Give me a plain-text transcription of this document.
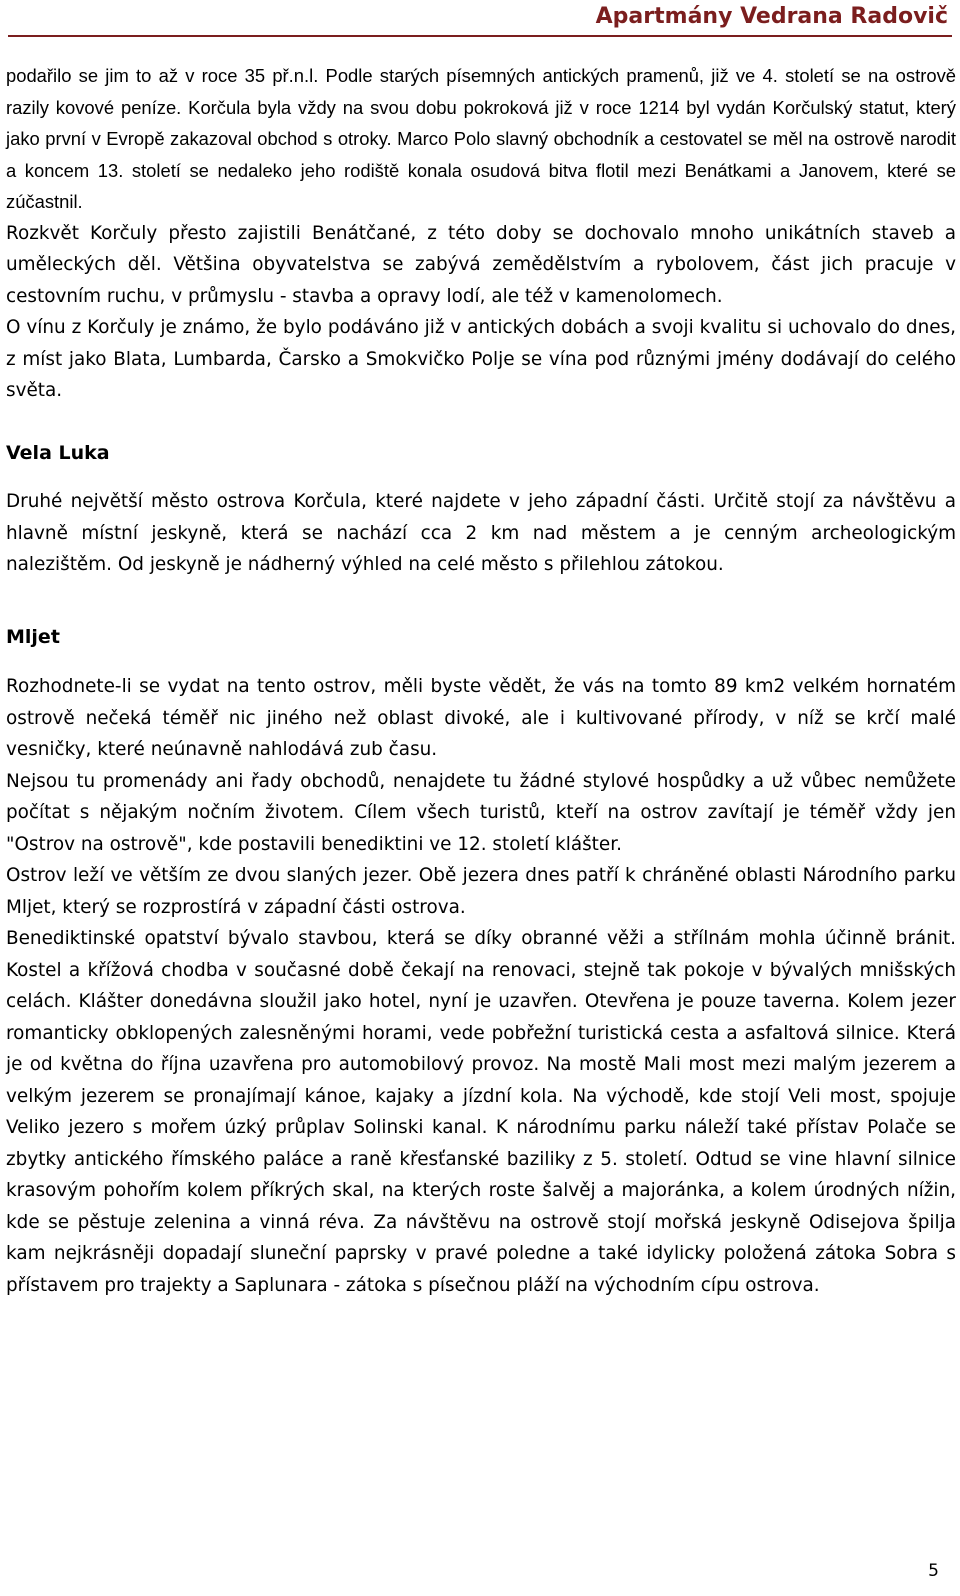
Apartmány Vedrana Radovič

podařilo se jim to až v roce 35 př.n.l. Podle starých písemných antických pramenů, již ve 4. století se na ostrově razily kovové peníze. Korčula byla vždy na svou dobu pokroková již v roce 1214 byl vydán Korčulský statut, který jako první v Evropě zakazoval obchod s otroky. Marco Polo slavný obchodník a cestovatel se měl na ostrově narodit a koncem 13. století se nedaleko jeho rodiště konala osudová bitva flotil mezi Benátkami a Janovem, které se zúčastnil.

Rozkvět Korčuly přesto zajistili Benátčané, z této doby se dochovalo mnoho unikátních staveb a uměleckých děl. Většina obyvatelstva se zabývá zemědělstvím a rybolovem, část jich pracuje v cestovním ruchu, v průmyslu - stavba a opravy lodí, ale též v kamenolomech.

O vínu z Korčuly je známo, že bylo podáváno již v antických dobách a svoji kvalitu si uchovalo do dnes, z míst jako Blata, Lumbarda, Čarsko a Smokvičko Polje se vína pod různými jmény dodávají do celého světa.

Vela Luka

Druhé největší město ostrova Korčula, které najdete v jeho západní části. Určitě stojí za návštěvu a hlavně místní jeskyně, která se nachází cca 2 km nad městem a je cenným archeologickým nalezištěm. Od jeskyně je nádherný výhled na celé město s přilehlou zátokou.

Mljet

Rozhodnete-li se vydat na tento ostrov, měli byste vědět, že vás na tomto 89 km2 velkém hornatém ostrově nečeká téměř nic jiného než oblast divoké, ale i kultivované přírody, v níž se krčí malé vesničky, které neúnavně nahlodává zub času.

Nejsou tu promenády ani řady obchodů, nenajdete tu žádné stylové hospůdky a už vůbec nemůžete počítat s nějakým nočním životem. Cílem všech turistů, kteří na ostrov zavítají je téměř vždy jen "Ostrov na ostrově", kde postavili benediktini ve 12. století klášter.

Ostrov leží ve větším ze dvou slaných jezer. Obě jezera dnes patří k chráněné oblasti Národního parku Mljet, který se rozprostírá v západní části ostrova.

Benediktinské opatství bývalo stavbou, která se díky obranné věži a střílnám mohla účinně bránit. Kostel a křížová chodba v současné době čekají na renovaci, stejně tak pokoje v bývalých mnišských celách. Klášter donedávna sloužil jako hotel, nyní je uzavřen. Otevřena je pouze taverna. Kolem jezer romanticky obklopených zalesněnými horami, vede pobřežní turistická cesta a asfaltová silnice. Která je od května do října uzavřena pro automobilový provoz. Na mostě Mali most mezi malým jezerem a velkým jezerem se pronajímají kánoe, kajaky a jízdní kola. Na východě, kde stojí Veli most, spojuje Veliko jezero s mořem úzký průplav Solinski kanal. K národnímu parku náleží také přístav Polače se zbytky antického římského paláce a raně křesťanské baziliky z 5. století. Odtud se vine hlavní silnice krasovým pohořím kolem příkrých skal, na kterých roste šalvěj a majoránka, a kolem úrodných nížin, kde se pěstuje zelenina a vinná réva. Za návštěvu na ostrově stojí mořská jeskyně Odisejova špilja kam nejkrásněji dopadají sluneční paprsky v pravé poledne a také idylicky položená zátoka Sobra s přístavem pro trajekty a Saplunara - zátoka s písečnou pláží na východním cípu ostrova.

5
